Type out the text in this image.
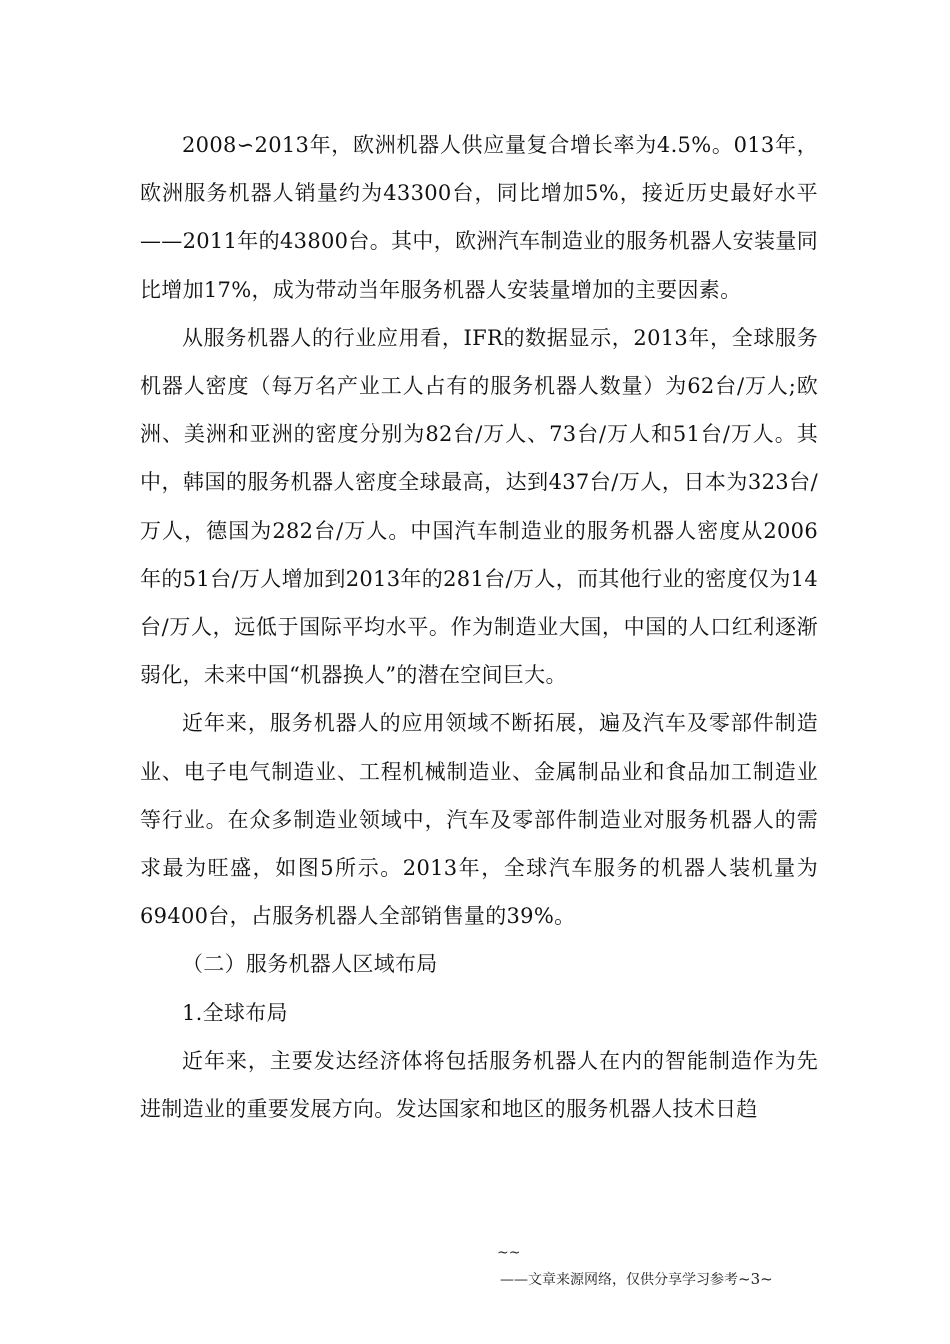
2008∽2013年，欧洲机器人供应量复合增长率为4.5%。013年，欧洲服务机器人销量约为43300台，同比增加5%，接近历史最好水平——2011年的43800台。其中，欧洲汽车制造业的服务机器人安装量同比增加17%，成为带动当年服务机器人安装量增加的主要因素。

从服务机器人的行业应用看，IFR的数据显示，2013年，全球服务机器人密度（每万名产业工人占有的服务机器人数量）为62台/万人;欧洲、美洲和亚洲的密度分别为82台/万人、73台/万人和51台/万人。其中，韩国的服务机器人密度全球最高，达到437台/万人，日本为323台/万人，德国为282台/万人。中国汽车制造业的服务机器人密度从2006年的51台/万人增加到2013年的281台/万人，而其他行业的密度仅为14台/万人，远低于国际平均水平。作为制造业大国，中国的人口红利逐渐弱化，未来中国“机器换人”的潜在空间巨大。

近年来，服务机器人的应用领域不断拓展，遍及汽车及零部件制造业、电子电气制造业、工程机械制造业、金属制品业和食品加工制造业等行业。在众多制造业领域中，汽车及零部件制造业对服务机器人的需求最为旺盛，如图5所示。2013年，全球汽车服务的机器人装机量为69400台，占服务机器人全部销售量的39%。

（二）服务机器人区域布局

1.全球布局

近年来，主要发达经济体将包括服务机器人在内的智能制造作为先进制造业的重要发展方向。发达国家和地区的服务机器人技术日趋

~~
——文章来源网络，仅供分享学习参考~3~
